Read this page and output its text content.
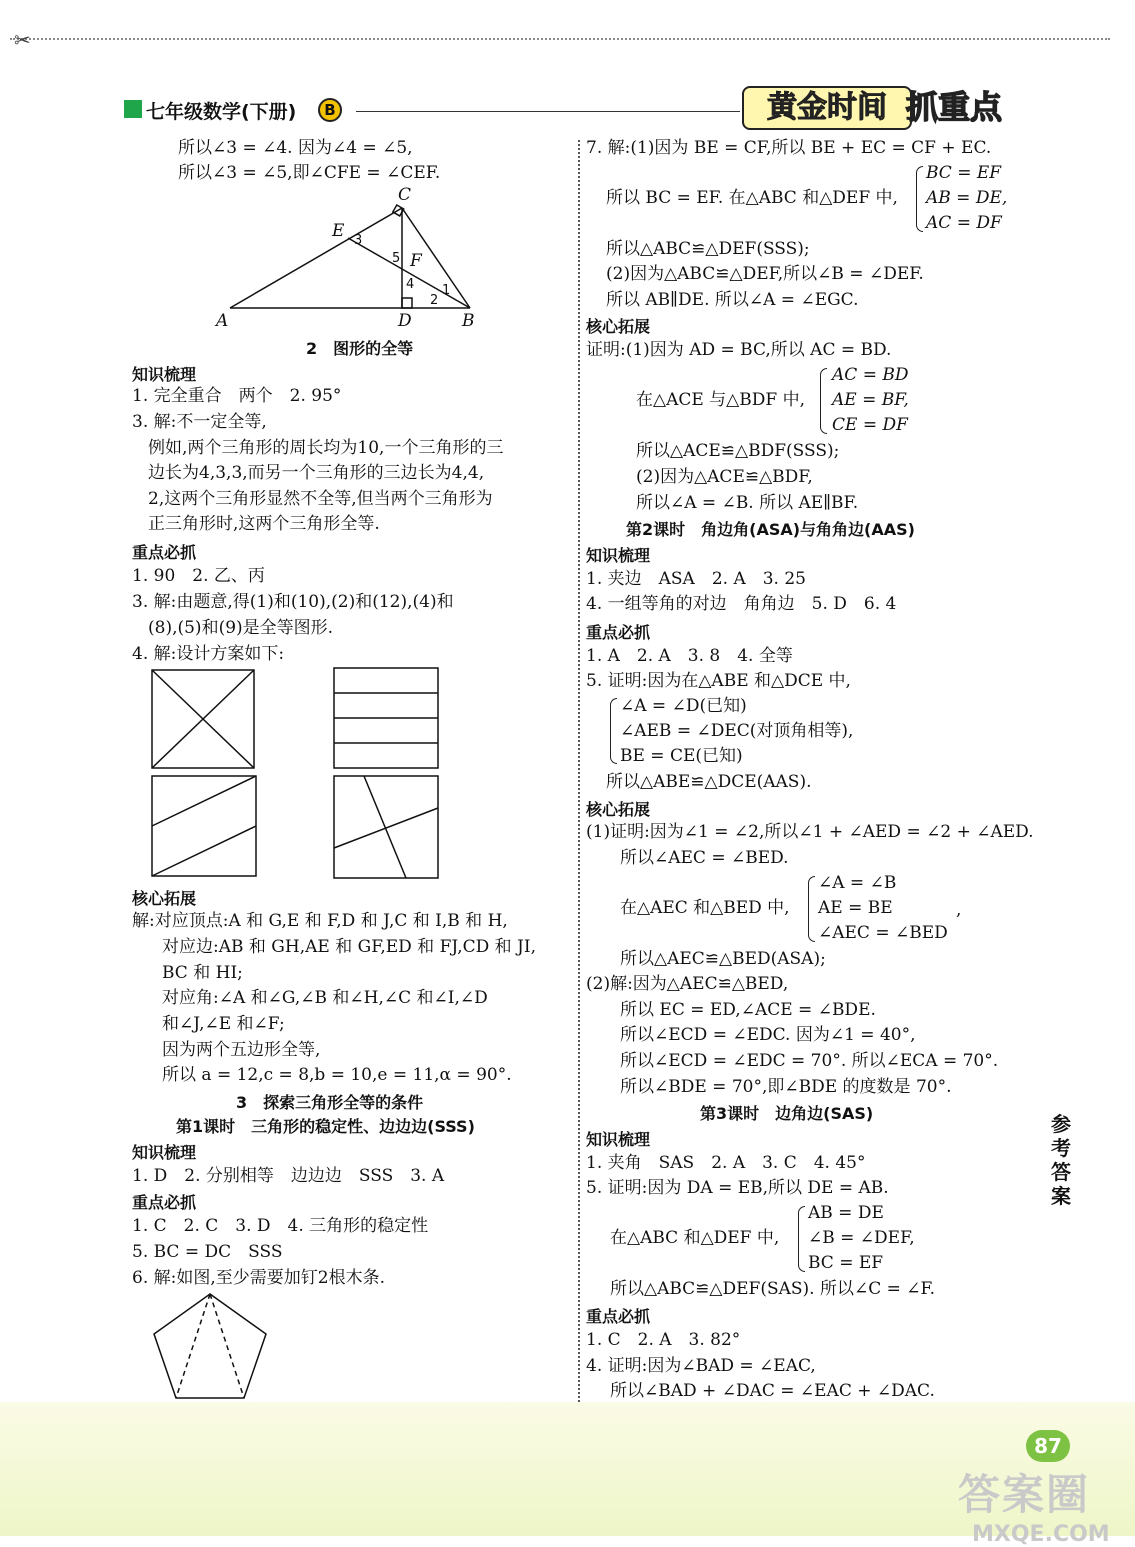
✂
七年级数学(下册)	B	黄金时间 抓重点
所以∠3 = ∠4. 因为∠4 = ∠5,
所以∠3 = ∠5,即∠CFE = ∠CEF.
A	B
C
D
E
F
1
2
3
4
5
2　图形的全等
知识梳理
1. 完全重合　两个　2. 95°
3. 解:不一定全等,
例如,两个三角形的周长均为10,一个三角形的三
边长为4,3,3,而另一个三角形的三边长为4,4,
2,这两个三角形显然不全等,但当两个三角形为
正三角形时,这两个三角形全等.
重点必抓
1. 90　2. 乙、丙
3. 解:由题意,得(1)和(10),(2)和(12),(4)和
(8),(5)和(9)是全等图形.
4. 解:设计方案如下:
核心拓展
解:对应顶点:A 和 G,E 和 F,D 和 J,C 和 I,B 和 H,
对应边:AB 和 GH,AE 和 GF,ED 和 FJ,CD 和 JI,
BC 和 HI;
对应角:∠A 和∠G,∠B 和∠H,∠C 和∠I,∠D
和∠J,∠E 和∠F;
因为两个五边形全等,
所以 a = 12,c = 8,b = 10,e = 11,α = 90°.
3　探索三角形全等的条件
第1课时　三角形的稳定性、边边边(SSS)
知识梳理
1. D　2. 分别相等　边边边　SSS　3. A
重点必抓
1. C　2. C　3. D　4. 三角形的稳定性
5. BC = DC　SSS
6. 解:如图,至少需要加钉2根木条.
7. 解:(1)因为 BE = CF,所以 BE + EC = CF + EC.
所以 BC = EF. 在△ABC 和△DEF 中,
BC = EF
AB = DE,
AC = DF
所以△ABC≌△DEF(SSS);
(2)因为△ABC≌△DEF,所以∠B = ∠DEF.
所以 AB∥DE. 所以∠A = ∠EGC.
核心拓展
证明:(1)因为 AD = BC,所以 AC = BD.
在△ACE 与△BDF 中,
AC = BD
AE = BF,
CE = DF
所以△ACE≌△BDF(SSS);
(2)因为△ACE≌△BDF,
所以∠A = ∠B. 所以 AE∥BF.
第2课时　角边角(ASA)与角角边(AAS)
知识梳理
1. 夹边　ASA　2. A　3. 25
4. 一组等角的对边　角角边　5. D　6. 4
重点必抓
1. A　2. A　3. 8　4. 全等
5. 证明:因为在△ABE 和△DCE 中,
∠A = ∠D(已知)
∠AEB = ∠DEC(对顶角相等),
BE = CE(已知)
所以△ABE≌△DCE(AAS).
核心拓展
(1)证明:因为∠1 = ∠2,所以∠1 + ∠AED = ∠2 + ∠AED.
所以∠AEC = ∠BED.
在△AEC 和△BED 中,
∠A = ∠B
AE = BE
∠AEC = ∠BED
,
所以△AEC≌△BED(ASA);
(2)解:因为△AEC≌△BED,
所以 EC = ED,∠ACE = ∠BDE.
所以∠ECD = ∠EDC. 因为∠1 = 40°,
所以∠ECD = ∠EDC = 70°. 所以∠ECA = 70°.
所以∠BDE = 70°,即∠BDE 的度数是 70°.
第3课时　边角边(SAS)
知识梳理
1. 夹角　SAS　2. A　3. C　4. 45°
5. 证明:因为 DA = EB,所以 DE = AB.
在△ABC 和△DEF 中,
AB = DE
∠B = ∠DEF,
BC = EF
所以△ABC≌△DEF(SAS). 所以∠C = ∠F.
重点必抓
1. C　2. A　3. 82°
4. 证明:因为∠BAD = ∠EAC,
所以∠BAD + ∠DAC = ∠EAC + ∠DAC.
参考答案
87
答案圈
MXQE.COM
